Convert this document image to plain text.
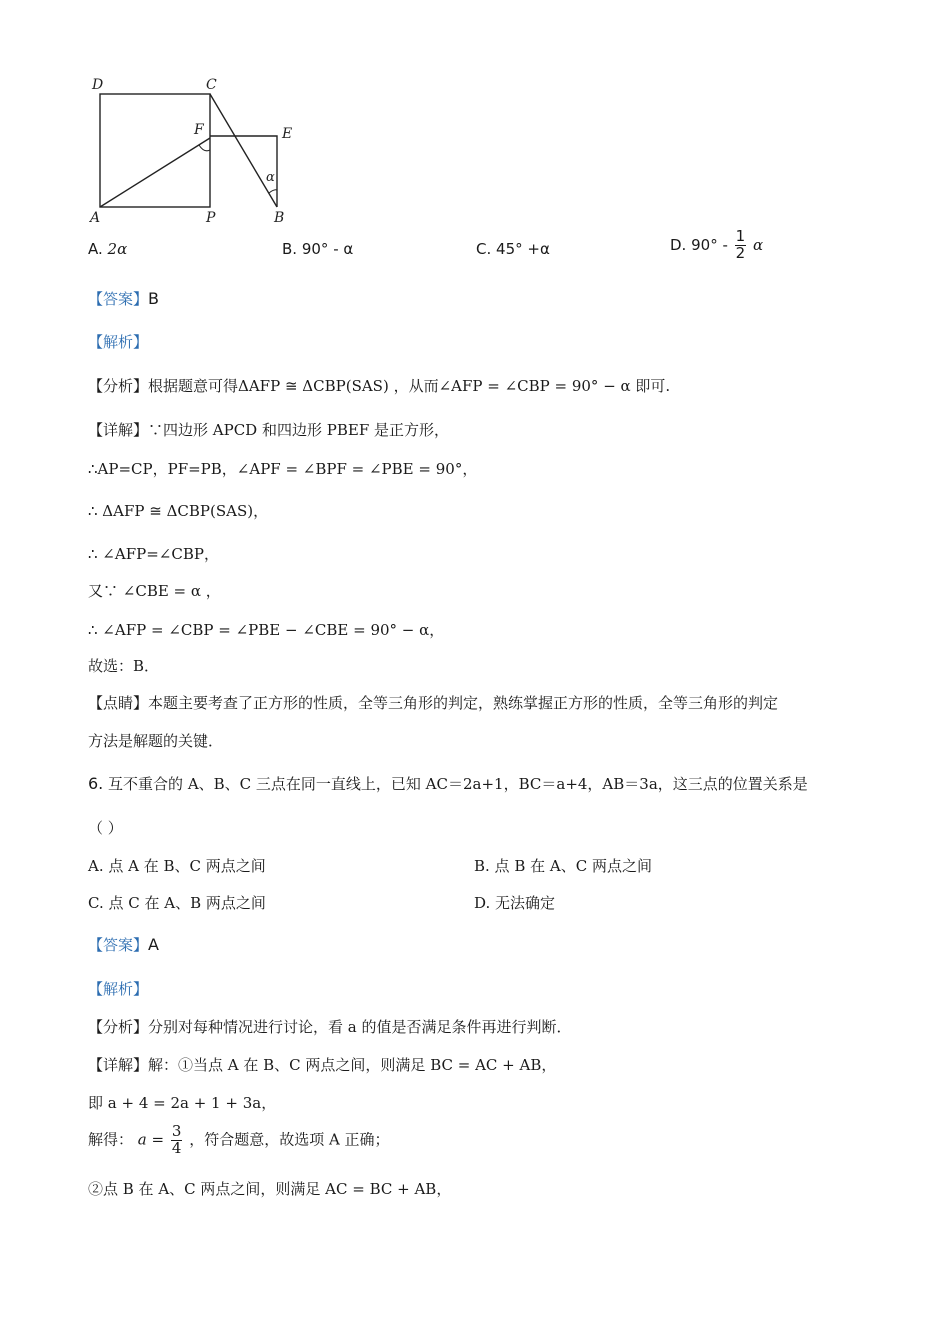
D	C
F	E
α
A	P	B
A. 2α	B. 90° - α	C. 45° +α	D. $90^\circ - \frac{1}{2}$ α
【答案】B
【解析】
【分析】根据题意可得ΔAFP ≅ ΔCBP(SAS) ，从而∠AFP = ∠CBP = 90° − α 即可.
【详解】∵四边形 APCD 和四边形 PBEF 是正方形，
∴AP=CP，PF=PB，∠APF = ∠BPF = ∠PBE = 90°，
∴ ΔAFP ≅ ΔCBP(SAS)，
∴ ∠AFP=∠CBP，
又∵ ∠CBE = α ，
∴ ∠AFP = ∠CBP = ∠PBE − ∠CBE = 90° − α，
故选：B．
【点睛】本题主要考查了正方形的性质，全等三角形的判定，熟练掌握正方形的性质，全等三角形的判定
方法是解题的关键．
6. 互不重合的 A、B、C 三点在同一直线上，已知 AC＝2a+1，BC＝a+4，AB＝3a，这三点的位置关系是
（ ）
A. 点 A 在 B、C 两点之间	B. 点 B 在 A、C 两点之间
C. 点 C 在 A、B 两点之间	D. 无法确定
【答案】A
【解析】
【分析】分别对每种情况进行讨论，看 a 的值是否满足条件再进行判断．
【详解】解：①当点 A 在 B、C 两点之间，则满足 BC = AC + AB，
即 a + 4 = 2a + 1 + 3a，
解得： $a = \frac{3}{4}$ ，符合题意，故选项 A 正确；
②点 B 在 A、C 两点之间，则满足 AC = BC + AB，
